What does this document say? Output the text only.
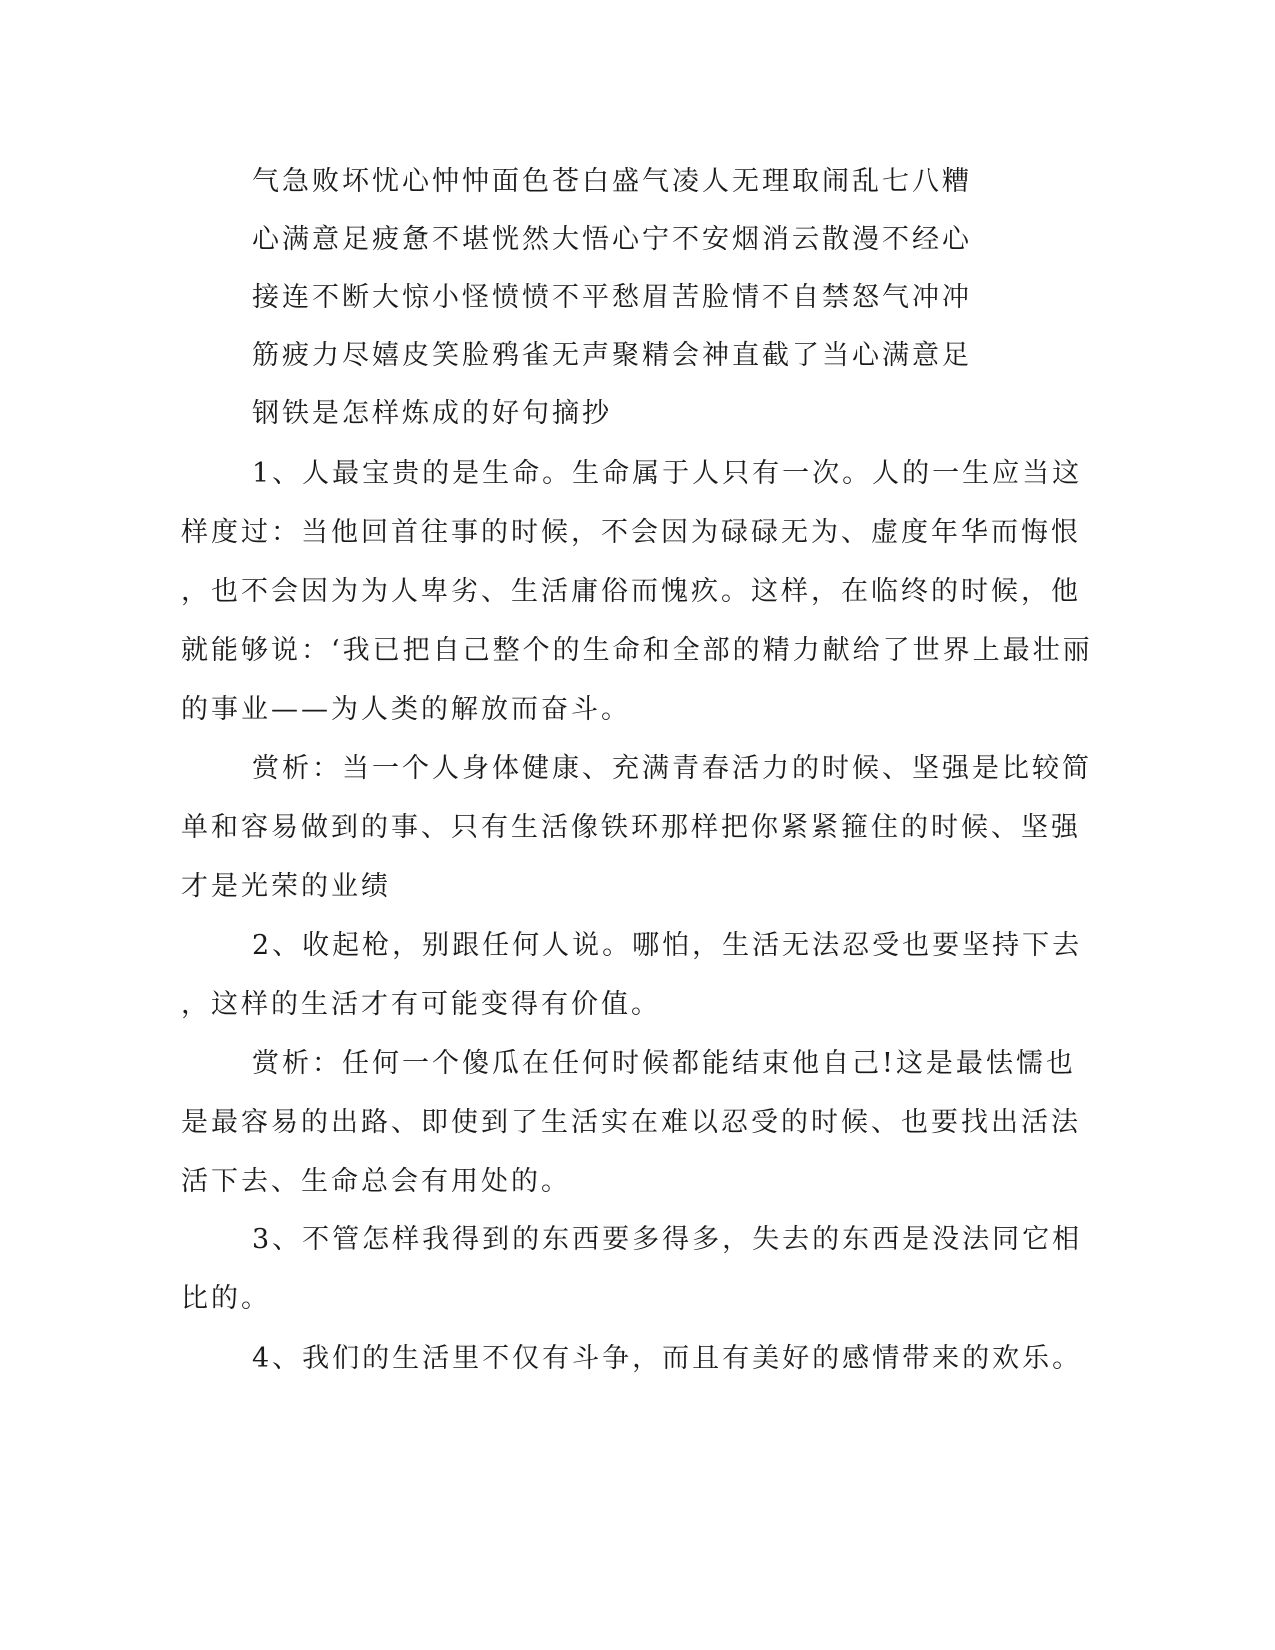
气急败坏忧心忡忡面色苍白盛气凌人无理取闹乱七八糟
心满意足疲惫不堪恍然大悟心宁不安烟消云散漫不经心
接连不断大惊小怪愤愤不平愁眉苦脸情不自禁怒气冲冲
筋疲力尽嬉皮笑脸鸦雀无声聚精会神直截了当心满意足
钢铁是怎样炼成的好句摘抄
1、人最宝贵的是生命。生命属于人只有一次。人的一生应当这
样度过：当他回首往事的时候，不会因为碌碌无为、虚度年华而悔恨
，也不会因为为人卑劣、生活庸俗而愧疚。这样，在临终的时候，他
就能够说：‘我已把自己整个的生命和全部的精力献给了世界上最壮丽
的事业——为人类的解放而奋斗。
赏析：当一个人身体健康、充满青春活力的时候、坚强是比较简
单和容易做到的事、只有生活像铁环那样把你紧紧箍住的时候、坚强
才是光荣的业绩
2、收起枪，别跟任何人说。哪怕，生活无法忍受也要坚持下去
，这样的生活才有可能变得有价值。
赏析：任何一个傻瓜在任何时候都能结束他自己!这是最怯懦也
是最容易的出路、即使到了生活实在难以忍受的时候、也要找出活法
活下去、生命总会有用处的。
3、不管怎样我得到的东西要多得多，失去的东西是没法同它相
比的。
4、我们的生活里不仅有斗争，而且有美好的感情带来的欢乐。
